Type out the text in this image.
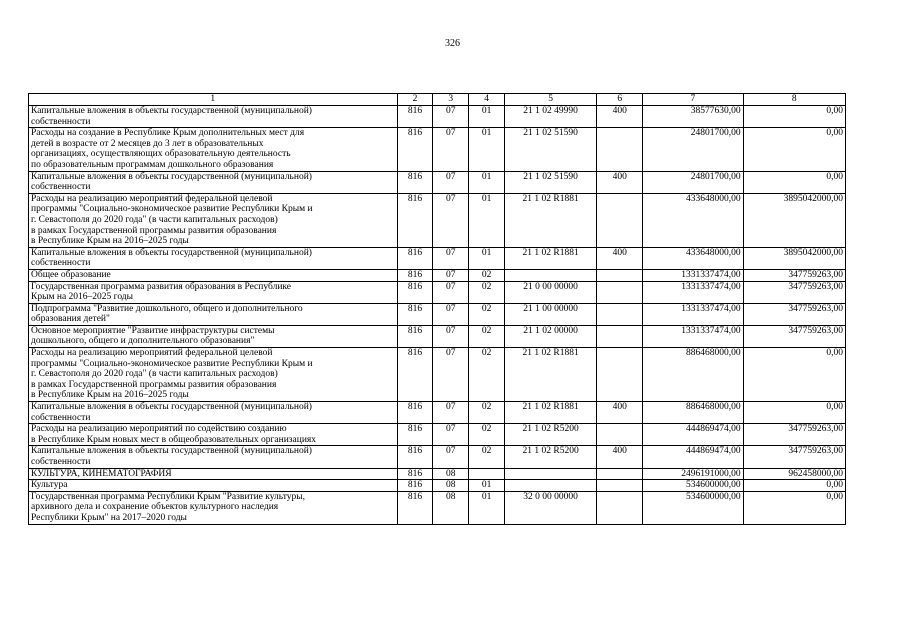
326
1	2	3	4	5	6	7	8

Капитальные вложения в объекты государственной (муниципальной)
собственности	816	07	01	21 1 02 49990	400	38577630,00	0,00

Расходы на создание в Республике Крым дополнительных мест для
детей в возрасте от 2 месяцев до 3 лет в образовательных
организациях, осуществляющих образовательную деятельность
по образовательным программам дошкольного образования	816	07	01	21 1 02 51590		24801700,00	0,00

Капитальные вложения в объекты государственной (муниципальной)
собственности	816	07	01	21 1 02 51590	400	24801700,00	0,00

Расходы на реализацию мероприятий федеральной целевой
программы "Социально-экономическое развитие Республики Крым и
г. Севастополя до 2020 года" (в части капитальных расходов)
в рамках Государственной программы развития образования
в Республике Крым на 2016–2025 годы	816	07	01	21 1 02 R1881		433648000,00	3895042000,00

Капитальные вложения в объекты государственной (муниципальной)
собственности	816	07	01	21 1 02 R1881	400	433648000,00	3895042000,00

Общее образование	816	07	02			1331337474,00	347759263,00

Государственная программа развития образования в Республике
Крым на 2016–2025 годы	816	07	02	21 0 00 00000		1331337474,00	347759263,00

Подпрограмма "Развитие дошкольного, общего и дополнительного
образования детей"	816	07	02	21 1 00 00000		1331337474,00	347759263,00

Основное мероприятие "Развитие инфраструктуры системы
дошкольного, общего и дополнительного образования"	816	07	02	21 1 02 00000		1331337474,00	347759263,00

Расходы на реализацию мероприятий федеральной целевой
программы "Социально-экономическое развитие Республики Крым и
г. Севастополя до 2020 года" (в части капитальных расходов)
в рамках Государственной программы развития образования
в Республике Крым на 2016–2025 годы	816	07	02	21 1 02 R1881		886468000,00	0,00

Капитальные вложения в объекты государственной (муниципальной)
собственности	816	07	02	21 1 02 R1881	400	886468000,00	0,00

Расходы на реализацию мероприятий по содействию созданию
в Республике Крым новых мест в общеобразовательных организациях	816	07	02	21 1 02 R5200		444869474,00	347759263,00

Капитальные вложения в объекты государственной (муниципальной)
собственности	816	07	02	21 1 02 R5200	400	444869474,00	347759263,00

КУЛЬТУРА, КИНЕМАТОГРАФИЯ	816	08				2496191000,00	962458000,00

Культура	816	08	01			534600000,00	0,00

Государственная программа Республики Крым "Развитие культуры,
архивного дела и сохранение объектов культурного наследия
Республики Крым" на 2017–2020 годы	816	08	01	32 0 00 00000		534600000,00	0,00
